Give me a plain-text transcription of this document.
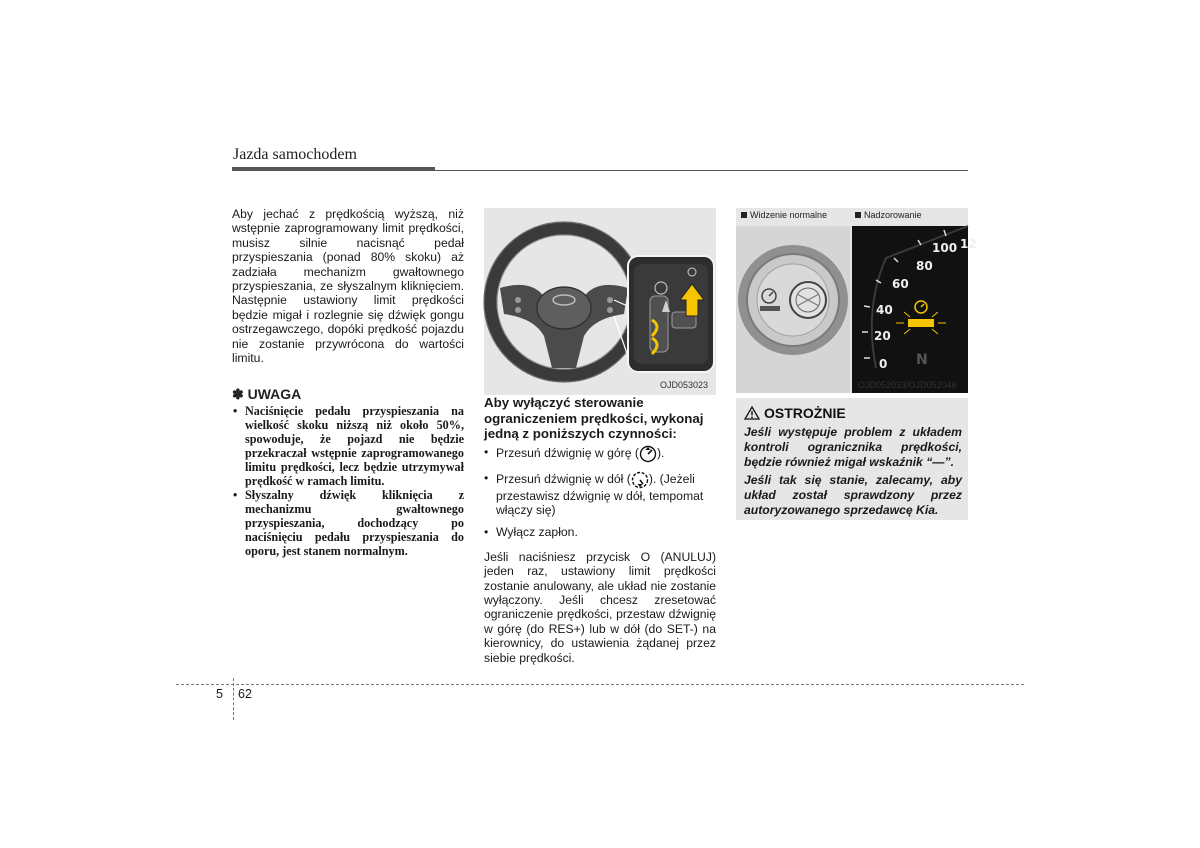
Jazda samochodem

Aby jechać z prędkością wyższą, niż wstępnie zaprogramowany limit prędkości, musisz silnie nacisnąć pedał przyspieszania (ponad 80% skoku) aż zadziała mechanizm gwałtownego przyspieszania, ze słyszalnym kliknięciem. Następnie ustawiony limit prędkości będzie migał i rozlegnie się dźwięk gongu ostrzegawczego, dopóki prędkość pojazdu nie zostanie przywrócona do wartości limitu.

✽ UWAGA
• Naciśnięcie pedału przyspieszania na wielkość skoku niższą niż około 50%, spowoduje, że pojazd nie będzie przekraczał wstępnie zaprogramowanego limitu prędkości, lecz będzie utrzymywał prędkość w ramach limitu.
• Słyszalny dźwięk kliknięcia z mechanizmu gwałtownego przyspieszania, dochodzący po naciśnięciu pedału przyspieszania do oporu, jest stanem normalnym.
OJD053023

Aby wyłączyć sterowanie ograniczeniem prędkości, wykonaj jedną z poniższych czynności:

• Przesuń dźwignię w górę ( ).
• Przesuń dźwignię w dół ( ). (Jeżeli przestawisz dźwignię w dół, tempomat włączy się)
• Wyłącz zapłon.

Jeśli naciśniesz przycisk O (ANULUJ) jeden raz, ustawiony limit prędkości zostanie anulowany, ale układ nie zostanie wyłączony. Jeśli chcesz zresetować ograniczenie prędkości, przestaw dźwignię w górę (do RES+) lub w dół (do SET-) na kierownicy, do ustawienia żądanej przez siebie prędkości.

100 12
80
60
40
20
0 N
Widzenie normalne	Nadzorowanie
OJD052033/OJD052046
OSTROŻNIE

Jeśli występuje problem z układem kontroli ogranicznika prędkości, będzie również migał wskaźnik “—”.

Jeśli tak się stanie, zalecamy, aby układ został sprawdzony przez autoryzowanego sprzedawcę Kia.

5 62
